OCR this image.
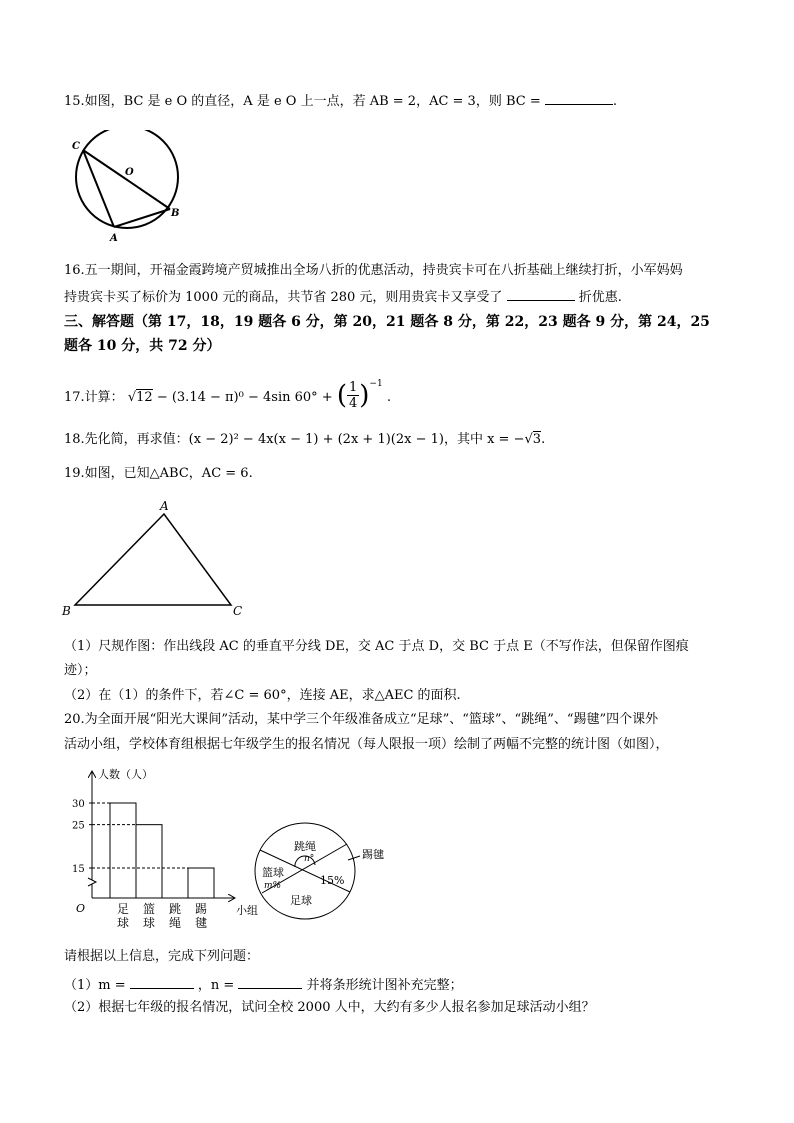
15.如图，BC 是 e O 的直径，A 是 e O 上一点，若 AB = 2，AC = 3，则 BC =	.
C
O
B
A
16.五一期间，开福金霞跨境产贸城推出全场八折的优惠活动，持贵宾卡可在八折基础上继续打折，小军妈妈
持贵宾卡买了标价为 1000 元的商品，共节省 280 元，则用贵宾卡又享受了	折优惠.
三、解答题（第 17，18，19 题各 6 分，第 20，21 题各 8 分，第 22，23 题各 9 分，第 24，25
题各 10 分，共 72 分）
17.计算： √12 − (3.14 − π)⁰ − 4sin 60° + ( $\frac{1}{4} )^{-1}$ .
18.先化简，再求值：(x − 2)² − 4x(x − 1) + (2x + 1)(2x − 1)，其中 x = −√3.
19.如图，已知△ABC，AC = 6.
A
B	C
（1）尺规作图：作出线段 AC 的垂直平分线 DE，交 AC 于点 D，交 BC 于点 E（不写作法，但保留作图痕
迹）；
（2）在（1）的条件下，若∠C = 60°，连接 AE，求△AEC 的面积.
20.为全面开展“阳光大课间”活动，某中学三个年级准备成立“足球”、“篮球”、“跳绳”、“踢毽”四个课外
活动小组，学校体育组根据七年级学生的报名情况（每人限报一项）绘制了两幅不完整的统计图（如图），
人数（人）
小组
O
30
25
15
足
球
篮
球
跳
绳
踢
毽
跳绳
n°
篮球
m%	15%
足球
踢毽
请根据以上信息，完成下列问题：
（1）m =	，n =	并将条形统计图补充完整；
（2）根据七年级的报名情况，试问全校 2000 人中，大约有多少人报名参加足球活动小组？
